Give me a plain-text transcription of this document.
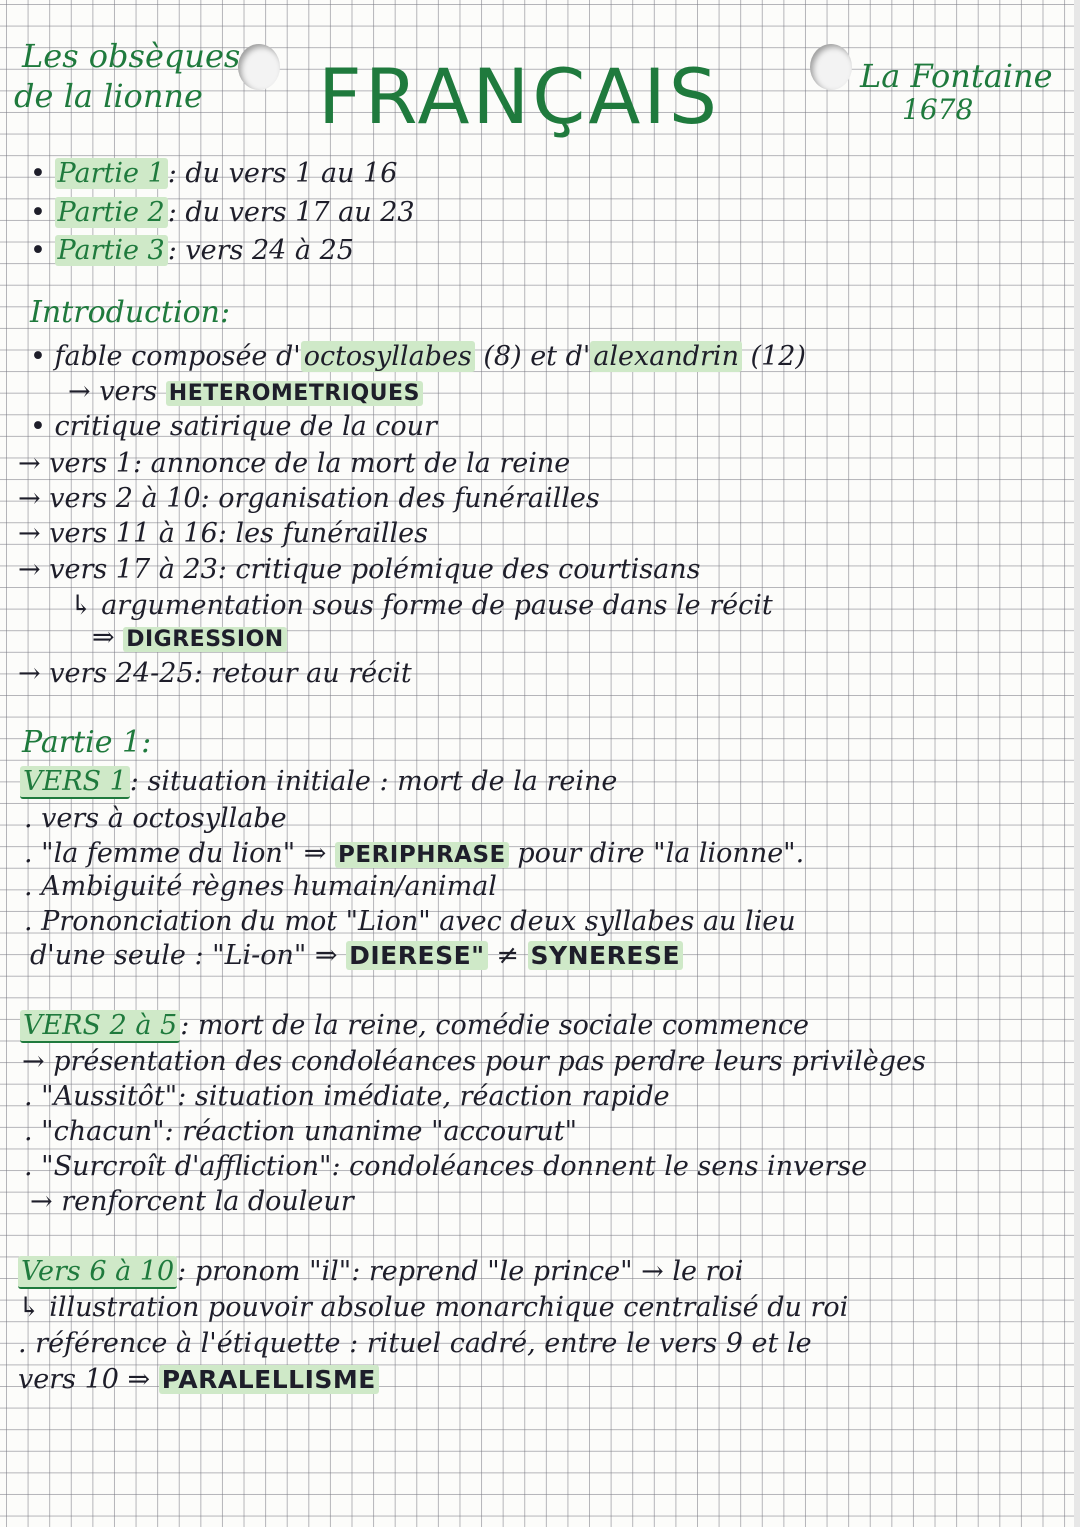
Les obsèques
de la lionne FRANÇAIS	La Fontaine
1678
• Partie 1 : du vers 1 au 16
• Partie 2 : du vers 17 au 23
• Partie 3 : vers 24 à 25
Introduction:
• fable composée d' octosyllabes (8) et d' alexandrin (12)
→ vers HETEROMETRIQUES
• critique satirique de la cour
→ vers 1: annonce de la mort de la reine
→ vers 2 à 10: organisation des funérailles
→ vers 11 à 16: les funérailles
→ vers 17 à 23: critique polémique des courtisans
↳ argumentation sous forme de pause dans le récit
⇒ DIGRESSION
→ vers 24-25: retour au récit
Partie 1:
VERS 1 : situation initiale : mort de la reine
. vers à octosyllabe
. "la femme du lion" ⇒ PERIPHRASE pour dire "la lionne".
. Ambiguité règnes humain/animal
. Prononciation du mot "Lion" avec deux syllabes au lieu
d'une seule : "Li-on" ⇒ DIERESE" ≠ SYNERESE
VERS 2 à 5 : mort de la reine, comédie sociale commence
→ présentation des condoléances pour pas perdre leurs privilèges
. "Aussitôt": situation imédiate, réaction rapide
. "chacun": réaction unanime "accourut"
. "Surcroît d'affliction": condoléances donnent le sens inverse
→ renforcent la douleur
Vers 6 à 10 : pronom "il": reprend "le prince" → le roi
↳ illustration pouvoir absolue monarchique centralisé du roi
. référence à l'étiquette : rituel cadré, entre le vers 9 et le
vers 10 ⇒ PARALELLISME
